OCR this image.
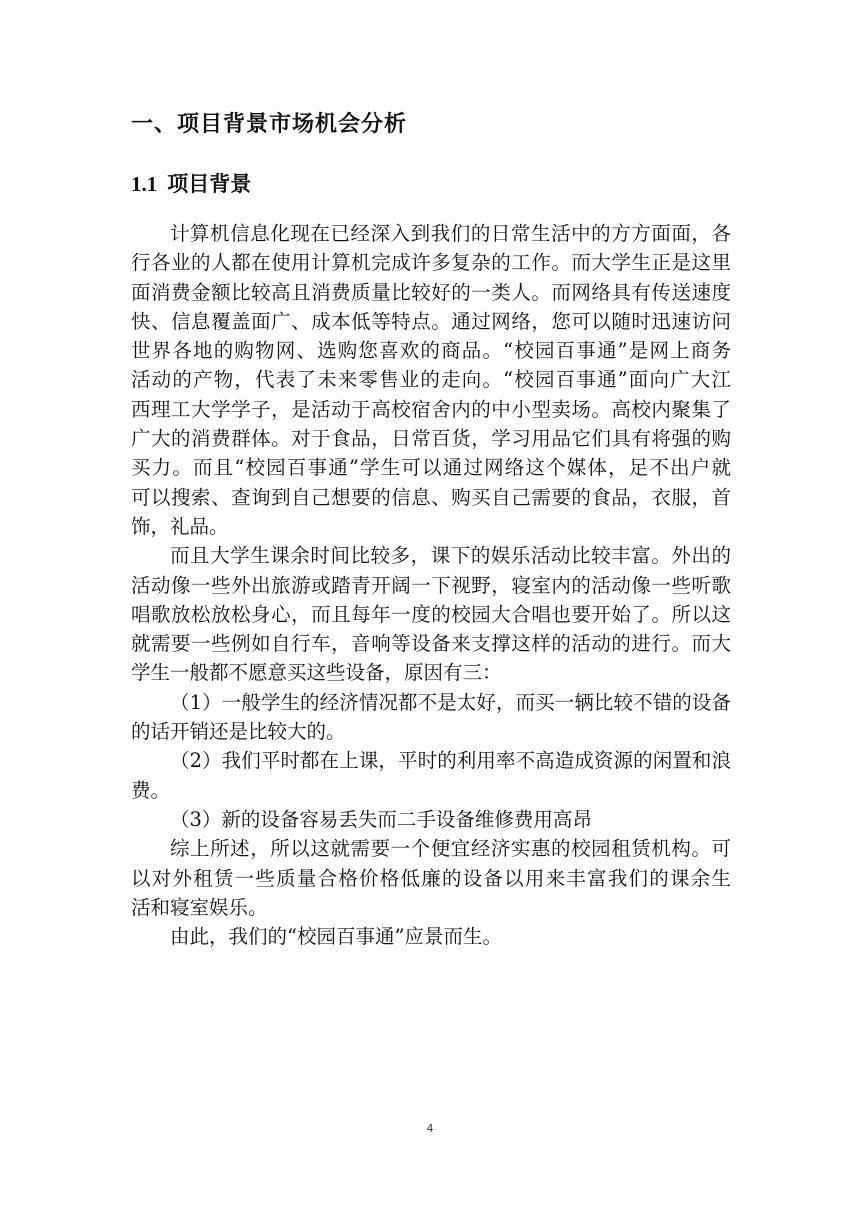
一、项目背景市场机会分析
1.1 项目背景
计算机信息化现在已经深入到我们的日常生活中的方方面面，各
行各业的人都在使用计算机完成许多复杂的工作。而大学生正是这里
面消费金额比较高且消费质量比较好的一类人。而网络具有传送速度
快、信息覆盖面广、成本低等特点。通过网络，您可以随时迅速访问
世界各地的购物网、选购您喜欢的商品。“校园百事通”是网上商务
活动的产物，代表了未来零售业的走向。“校园百事通”面向广大江
西理工大学学子，是活动于高校宿舍内的中小型卖场。高校内聚集了
广大的消费群体。对于食品，日常百货，学习用品它们具有将强的购
买力。而且“校园百事通”学生可以通过网络这个媒体，足不出户就
可以搜索、查询到自己想要的信息、购买自己需要的食品，衣服，首
饰，礼品。
而且大学生课余时间比较多，课下的娱乐活动比较丰富。外出的
活动像一些外出旅游或踏青开阔一下视野，寝室内的活动像一些听歌
唱歌放松放松身心，而且每年一度的校园大合唱也要开始了。所以这
就需要一些例如自行车，音响等设备来支撑这样的活动的进行。而大
学生一般都不愿意买这些设备，原因有三：
（1）一般学生的经济情况都不是太好，而买一辆比较不错的设备
的话开销还是比较大的。
（2）我们平时都在上课，平时的利用率不高造成资源的闲置和浪
费。
（3）新的设备容易丢失而二手设备维修费用高昂
综上所述，所以这就需要一个便宜经济实惠的校园租赁机构。可
以对外租赁一些质量合格价格低廉的设备以用来丰富我们的课余生
活和寝室娱乐。
由此，我们的“校园百事通”应景而生。
4
